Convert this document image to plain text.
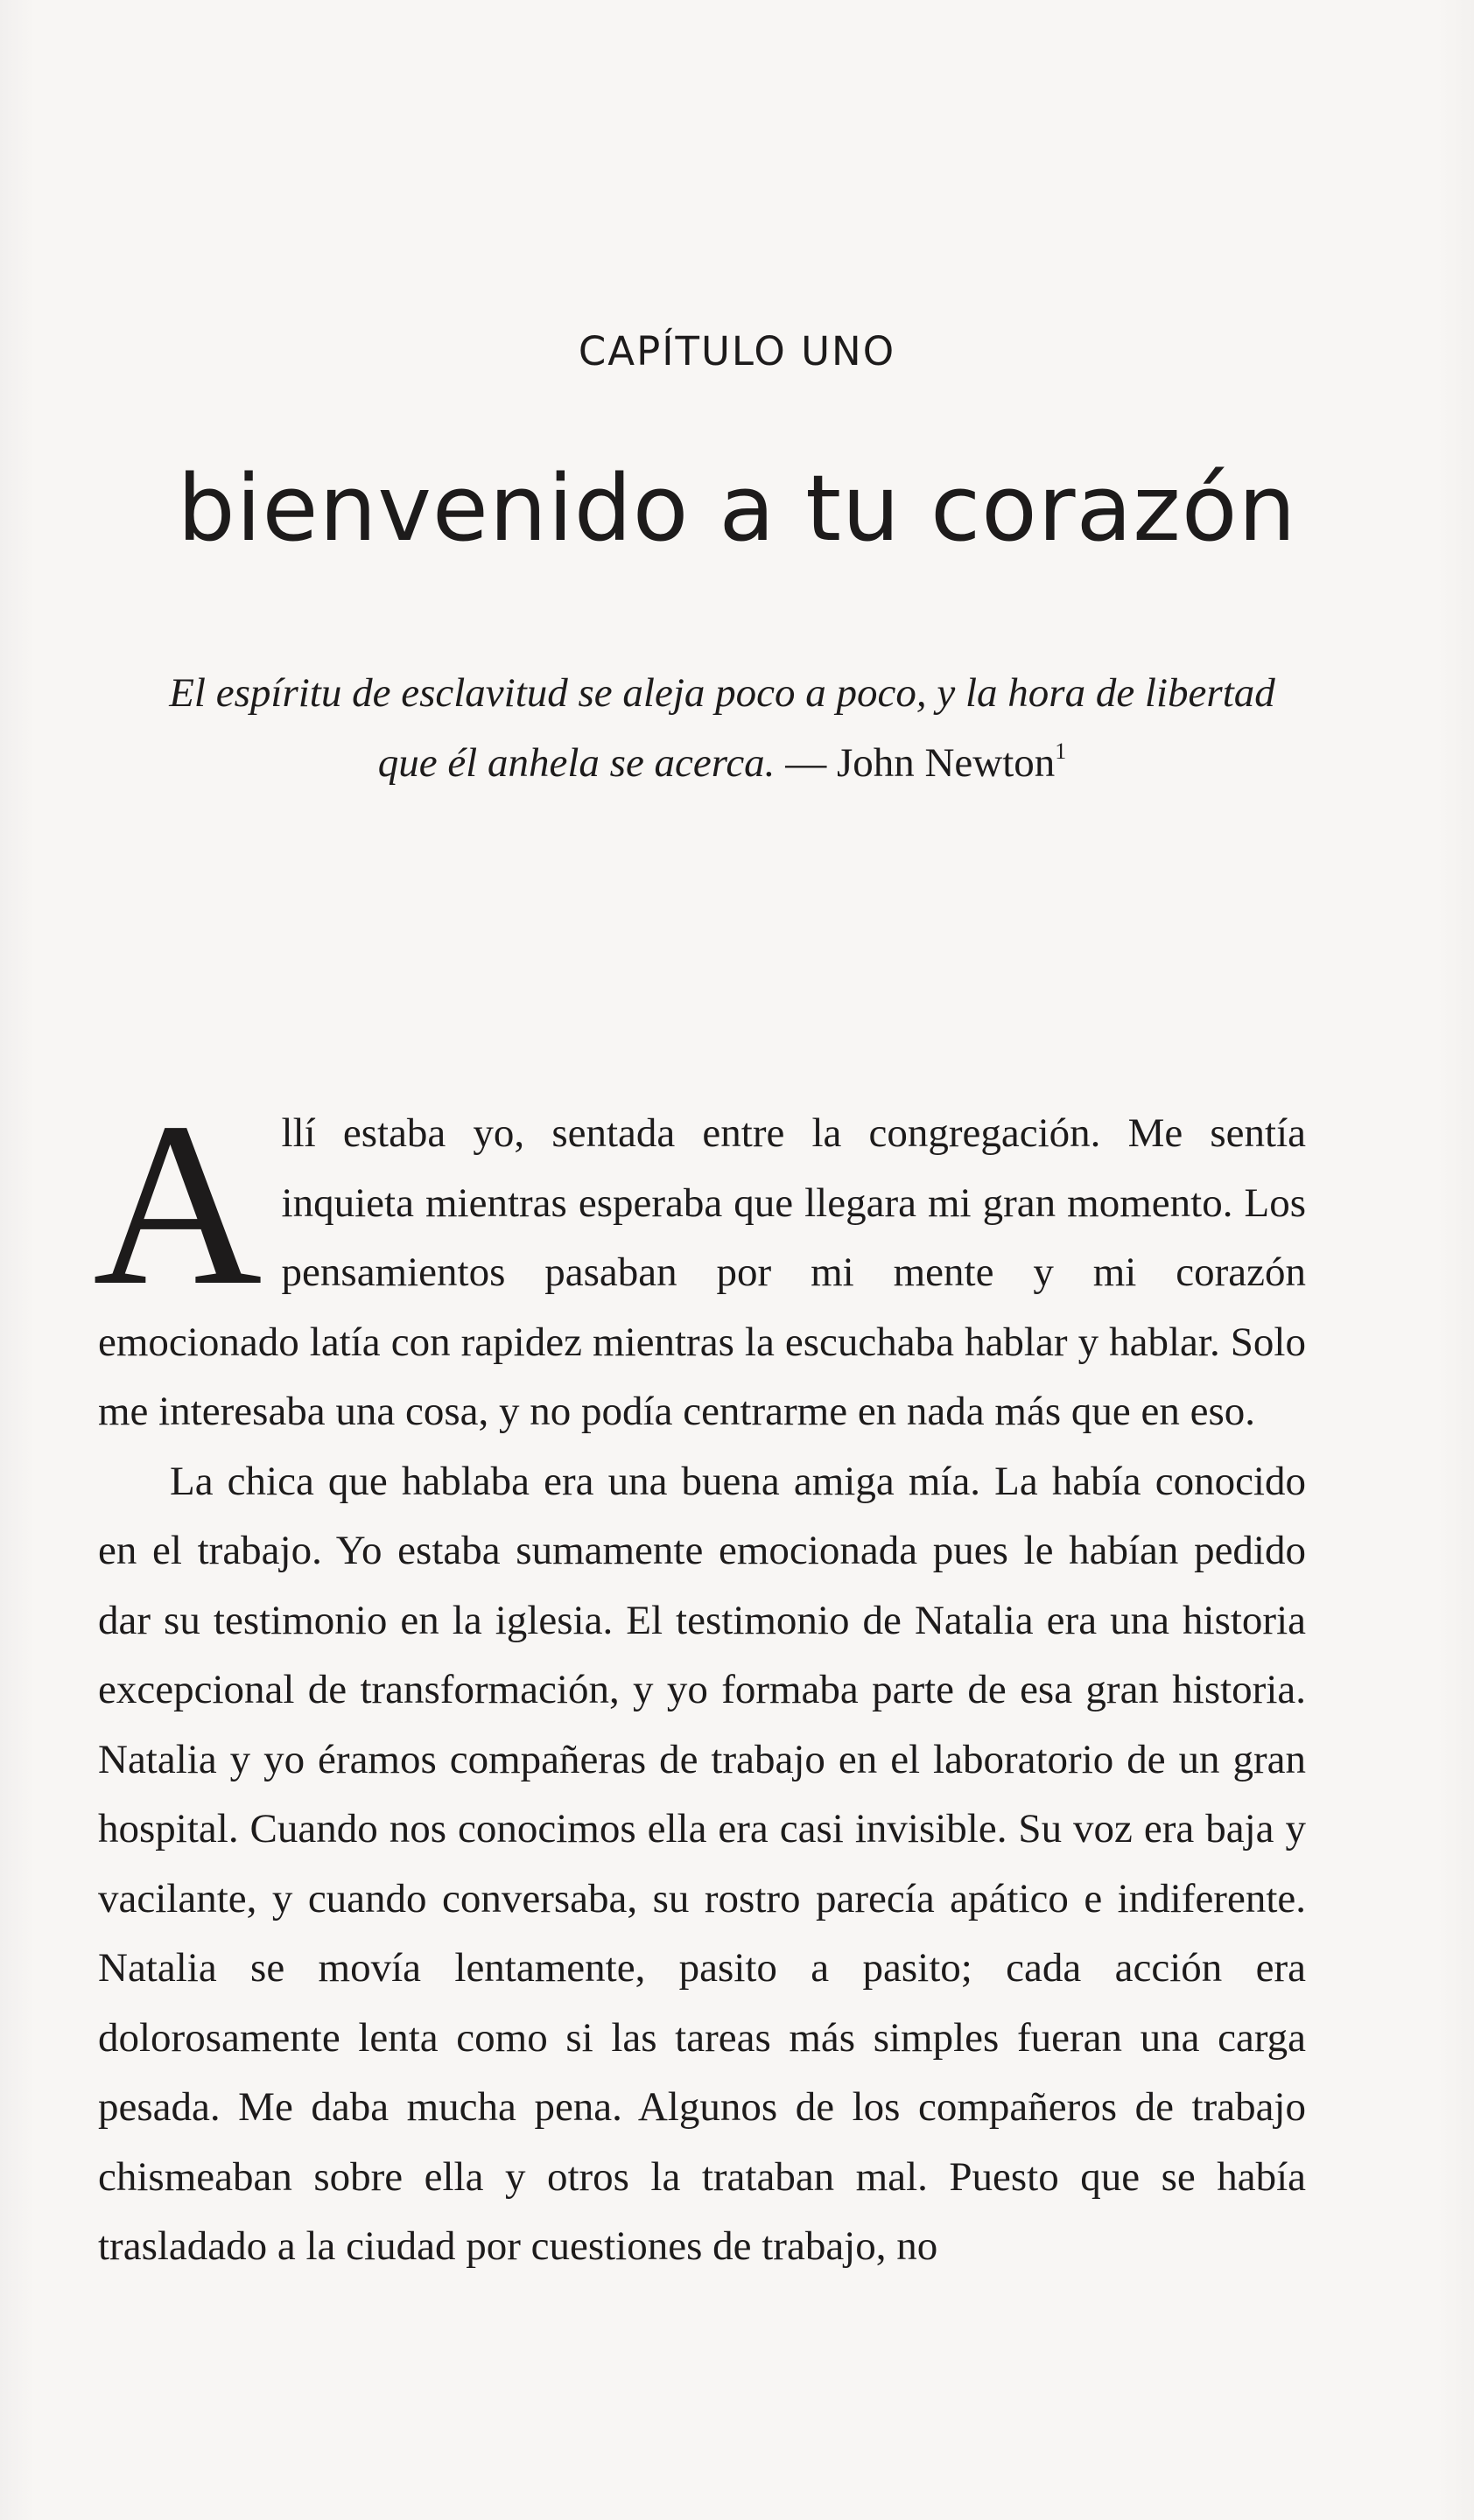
CAPÍTULO UNO
bienvenido a tu corazón

El espíritu de esclavitud se aleja poco a poco, y la hora de libertad que él anhela se acerca. — John Newton$^1$

Allí estaba yo, sentada entre la congregación. Me sentía inquieta mientras esperaba que llegara mi gran momento. Los pensamientos pasaban por mi mente y mi corazón emocionado latía con rapidez mientras la escuchaba hablar y hablar. Solo me interesaba una cosa, y no podía centrarme en nada más que en eso.

La chica que hablaba era una buena amiga mía. La había conocido en el trabajo. Yo estaba sumamente emocionada pues le habían pedido dar su testimonio en la iglesia. El testimonio de Natalia era una historia excepcional de transformación, y yo formaba parte de esa gran historia. Natalia y yo éramos compañeras de trabajo en el laboratorio de un gran hospital. Cuando nos conocimos ella era casi invisible. Su voz era baja y vacilante, y cuando conversaba, su rostro parecía apático e indiferente. Natalia se movía lentamente, pasito a pasito; cada acción era dolorosamente lenta como si las tareas más simples fueran una carga pesada. Me daba mucha pena. Algunos de los compañeros de trabajo chismeaban sobre ella y otros la trataban mal. Puesto que se había trasladado a la ciudad por cuestiones de trabajo, no
